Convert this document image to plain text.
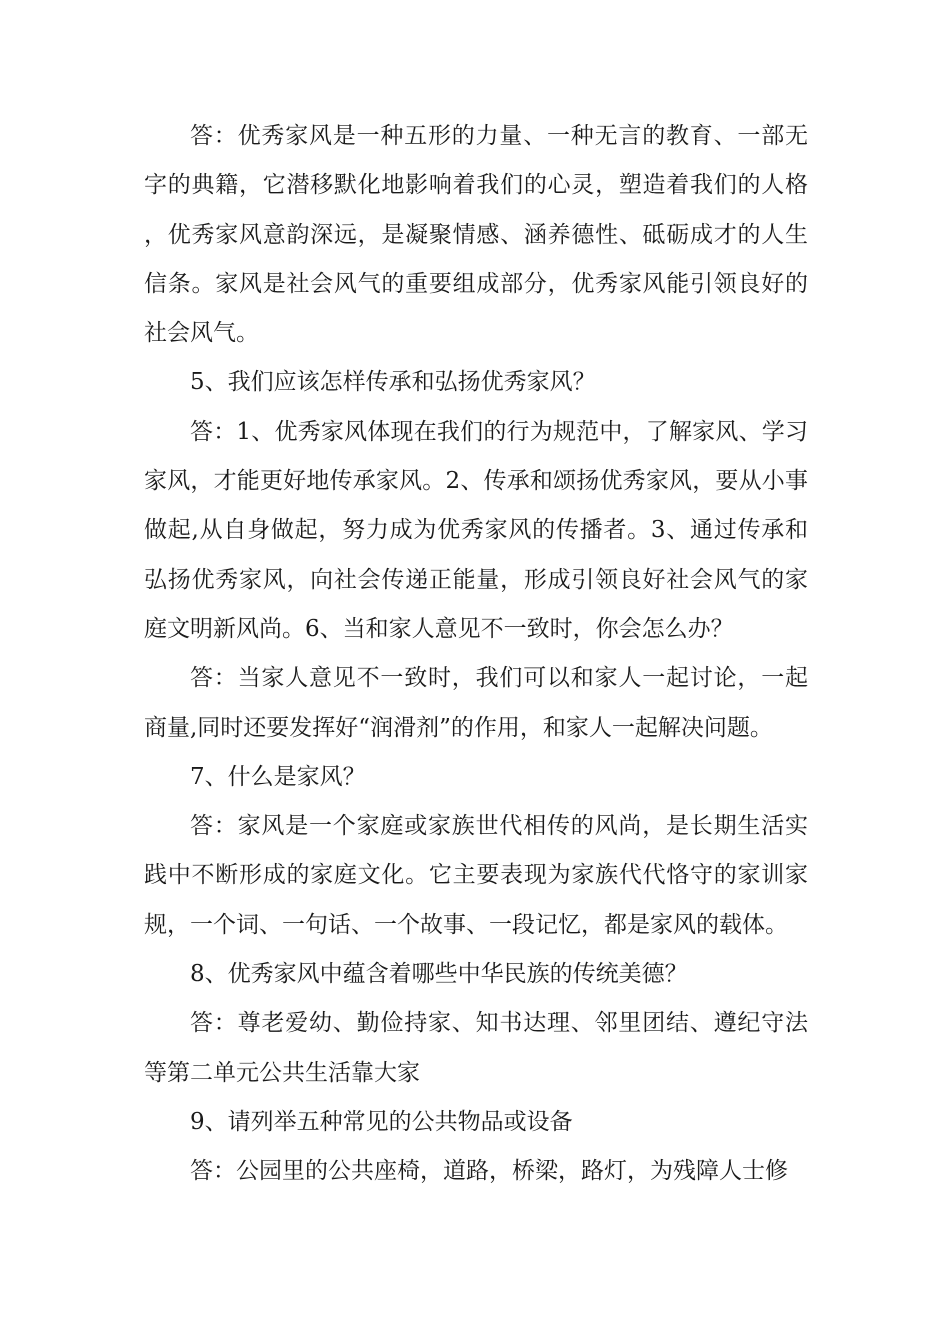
答：优秀家风是一种五形的力量、一种无言的教育、一部无字的典籍，它潜移默化地影响着我们的心灵，塑造着我们的人格，优秀家风意韵深远，是凝聚情感、涵养德性、砥砺成才的人生信条。家风是社会风气的重要组成部分，优秀家风能引领良好的社会风气。

5、我们应该怎样传承和弘扬优秀家风？

答：1、优秀家风体现在我们的行为规范中，了解家风、学习家风，才能更好地传承家风。2、传承和颂扬优秀家风，要从小事做起,从自身做起，努力成为优秀家风的传播者。3、通过传承和弘扬优秀家风，向社会传递正能量，形成引领良好社会风气的家庭文明新风尚。6、当和家人意见不一致时，你会怎么办？

答：当家人意见不一致时，我们可以和家人一起讨论，一起商量,同时还要发挥好“润滑剂”的作用，和家人一起解决问题。

7、什么是家风？

答：家风是一个家庭或家族世代相传的风尚，是长期生活实践中不断形成的家庭文化。它主要表现为家族代代恪守的家训家规，一个词、一句话、一个故事、一段记忆，都是家风的载体。

8、优秀家风中蕴含着哪些中华民族的传统美德？

答：尊老爱幼、勤俭持家、知书达理、邻里团结、遵纪守法等第二单元公共生活靠大家

9、请列举五种常见的公共物品或设备

答：公园里的公共座椅，道路，桥梁，路灯，为残障人士修
